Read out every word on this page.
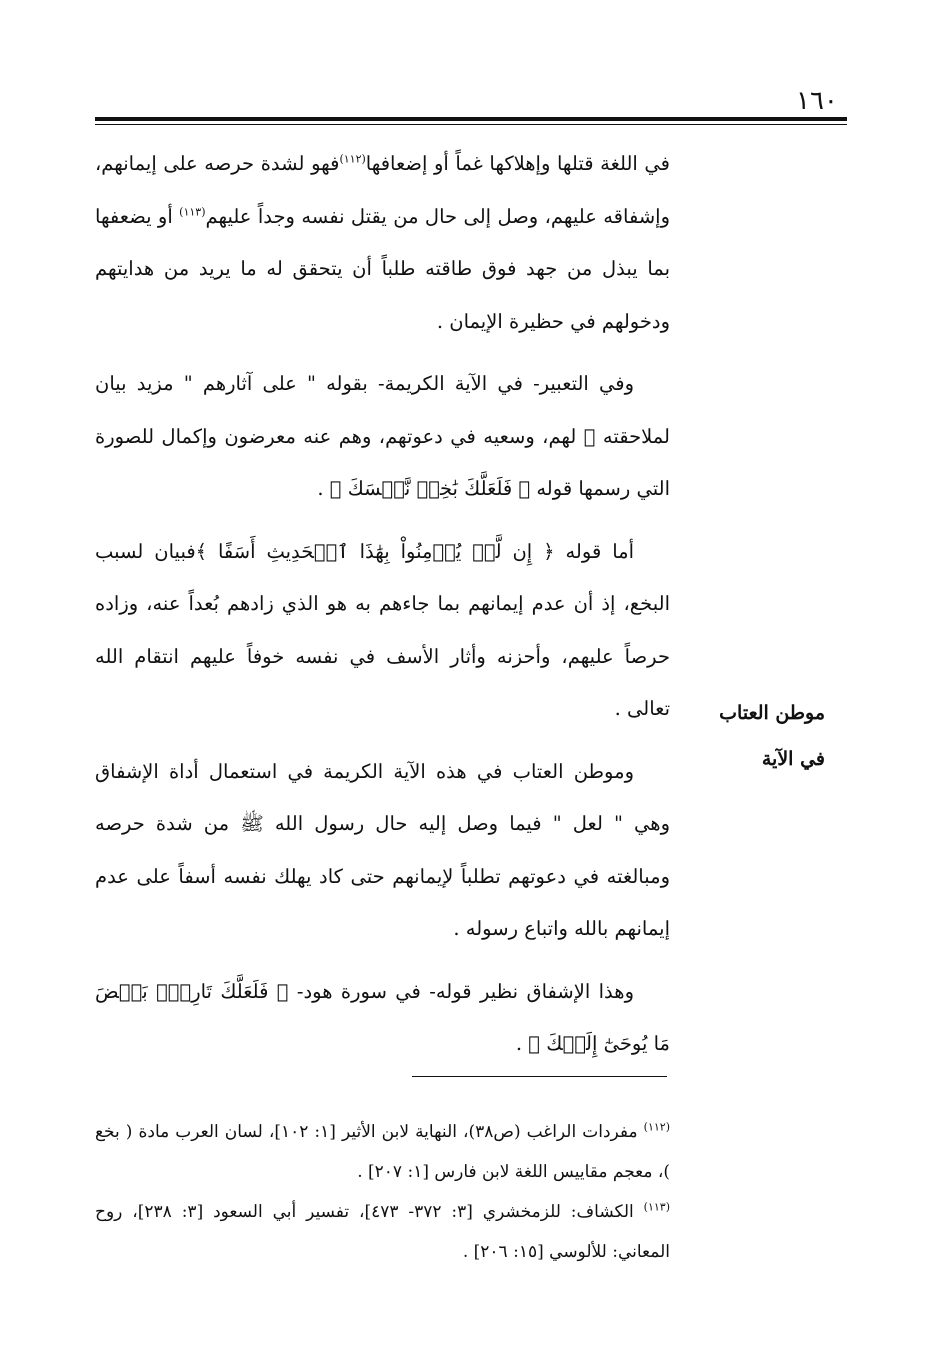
١٦٠

في اللغة قتلها وإهلاكها غماً أو إضعافها$^{(١١٢)}$فهو لشدة حرصه على إيمانهم، وإشفاقه عليهم، وصل إلى حال من يقتل نفسه وجداً عليهم$^{(١١٣)}$ أو يضعفها بما يبذل من جهد فوق طاقته طلباً أن يتحقق له ما يريد من هدايتهم ودخولهم في حظيرة الإيمان .

وفي التعبير- في الآية الكريمة- بقوله " على آثارهم " مزيد بيان لملاحقته ﷺ لهم، وسعيه في دعوتهم، وهم عنه معرضون وإكمال للصورة التي رسمها قوله ﴿ فَلَعَلَّكَ بَٰخِعٞ نَّفۡسَكَ ﴾ .

أما قوله ﴿ إِن لَّمۡ يُؤۡمِنُواْ بِهَٰذَا ٱلۡحَدِيثِ أَسَفًا ﴾فبيان لسبب البخع، إذ أن عدم إيمانهم بما جاءهم به هو الذي زادهم بُعداً عنه، وزاده حرصاً عليهم، وأحزنه وأثار الأسف في نفسه خوفاً عليهم انتقام الله تعالى .

وموطن العتاب في هذه الآية الكريمة في استعمال أداة الإشفاق وهي " لعل " فيما وصل إليه حال رسول الله ﷺ من شدة حرصه ومبالغته في دعوتهم تطلباً لإيمانهم حتى كاد يهلك نفسه أسفاً على عدم إيمانهم بالله واتباع رسوله .

وهذا الإشفاق نظير قوله- في سورة هود- ﴿ فَلَعَلَّكَ تَارِكُۢ بَعۡضَ مَا يُوحَىٰٓ إِلَيۡكَ ﴾ .

موطن العتاب
في الآية

$^{(١١٢)}$ مفردات الراغب (ص٣٨)، النهاية لابن الأثير [١: ١٠٢]، لسان العرب مادة ( بخع )، معجم مقاييس اللغة لابن فارس [١: ٢٠٧] .

$^{(١١٣)}$ الكشاف: للزمخشري [٣: ٣٧٢- ٤٧٣]، تفسير أبي السعود [٣: ٢٣٨]، روح المعاني: للألوسي [١٥: ٢٠٦] .
